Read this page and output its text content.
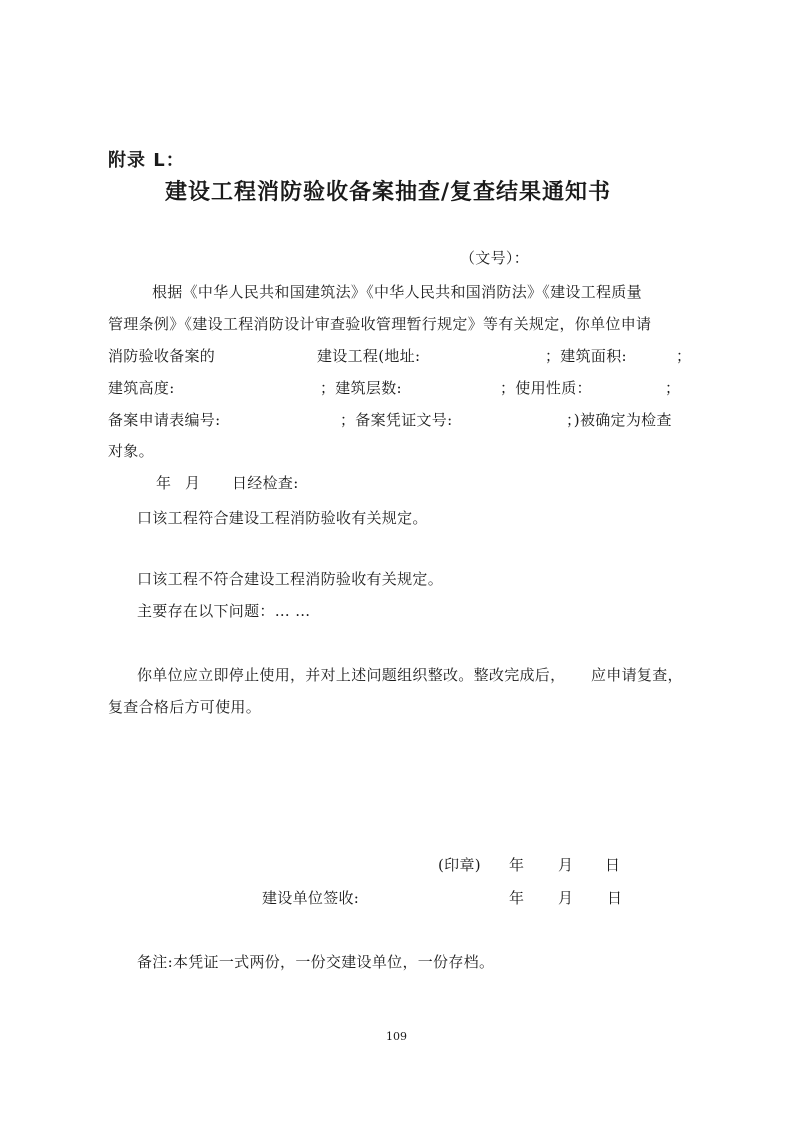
附录 L：
建设工程消防验收备案抽查/复查结果通知书
（文号）：
根据《中华人民共和国建筑法》《中华人民共和国消防法》《建设工程质量
管理条例》《建设工程消防设计审查验收管理暂行规定》等有关规定，你单位申请
消防验收备案的	建设工程(地址:	；建筑面积:	；
建筑高度:	；建筑层数:	；使用性质：	；
备案申请表编号:	；备案凭证文号:	；)被确定为检查
对象。
年 月 日经检查:
口该工程符合建设工程消防验收有关规定。
口该工程不符合建设工程消防验收有关规定。
主要存在以下问题：… …
你单位应立即停止使用，并对上述问题组织整改。整改完成后， 应申请复查，
复查合格后方可使用。
(印章) 年 月 日
建设单位签收:	年 月 日
备注:本凭证一式两份，一份交建设单位，一份存档。
109
